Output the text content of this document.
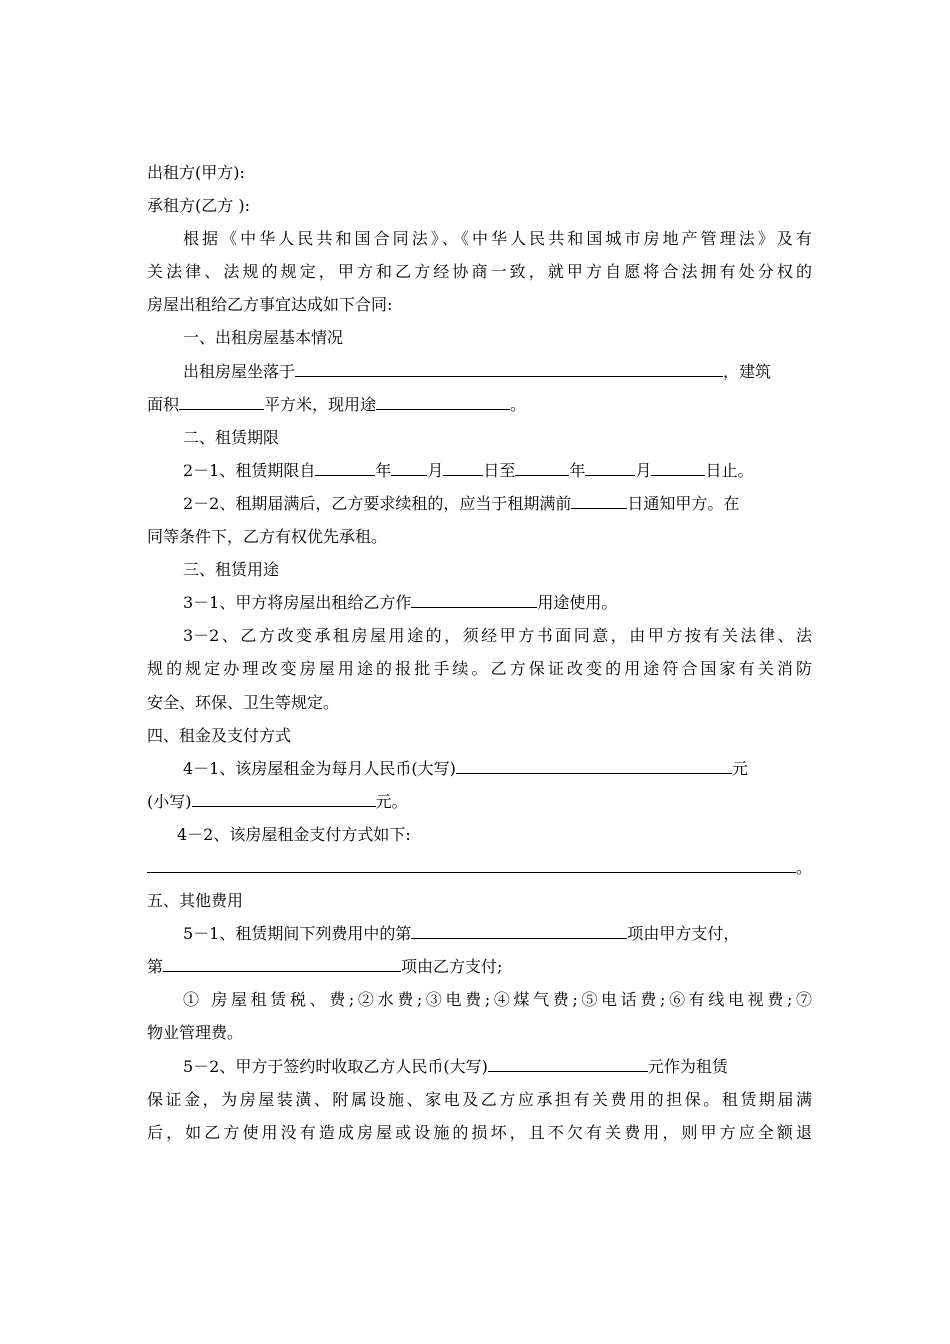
出租方(甲方):
承租方(乙方 ):
根据《中华人民共和国合同法》、《中华人民共和国城市房地产管理法》及有
关法律、法规的规定，甲方和乙方经协商一致，就甲方自愿将合法拥有处分权的
房屋出租给乙方事宜达成如下合同:
一、出租房屋基本情况
出租房屋坐落于	，建筑
面积	平方米，现用途	。
二、租赁期限
2－1、租赁期限自	年 月	日至	年	月	日止。
2－2、租期届满后，乙方要求续租的，应当于租期满前	日通知甲方。在
同等条件下，乙方有权优先承租。
三、租赁用途
3－1、甲方将房屋出租给乙方作	用途使用。
3－2、乙方改变承租房屋用途的，须经甲方书面同意，由甲方按有关法律、法
规的规定办理改变房屋用途的报批手续。乙方保证改变的用途符合国家有关消防
安全、环保、卫生等规定。
四、租金及支付方式
4－1、该房屋租金为每月人民币(大写)	元
(小写)	元。
4－2、该房屋租金支付方式如下:
。
五、其他费用
5－1、租赁期间下列费用中的第	项由甲方支付，
第	项由乙方支付;
① 房屋租赁税、费;②水费;③电费;④煤气费;⑤电话费;⑥有线电视费;⑦
物业管理费。
5－2、甲方于签约时收取乙方人民币(大写)	元作为租赁
保证金，为房屋装潢、附属设施、家电及乙方应承担有关费用的担保。租赁期届满
后，如乙方使用没有造成房屋或设施的损坏，且不欠有关费用，则甲方应全额退
